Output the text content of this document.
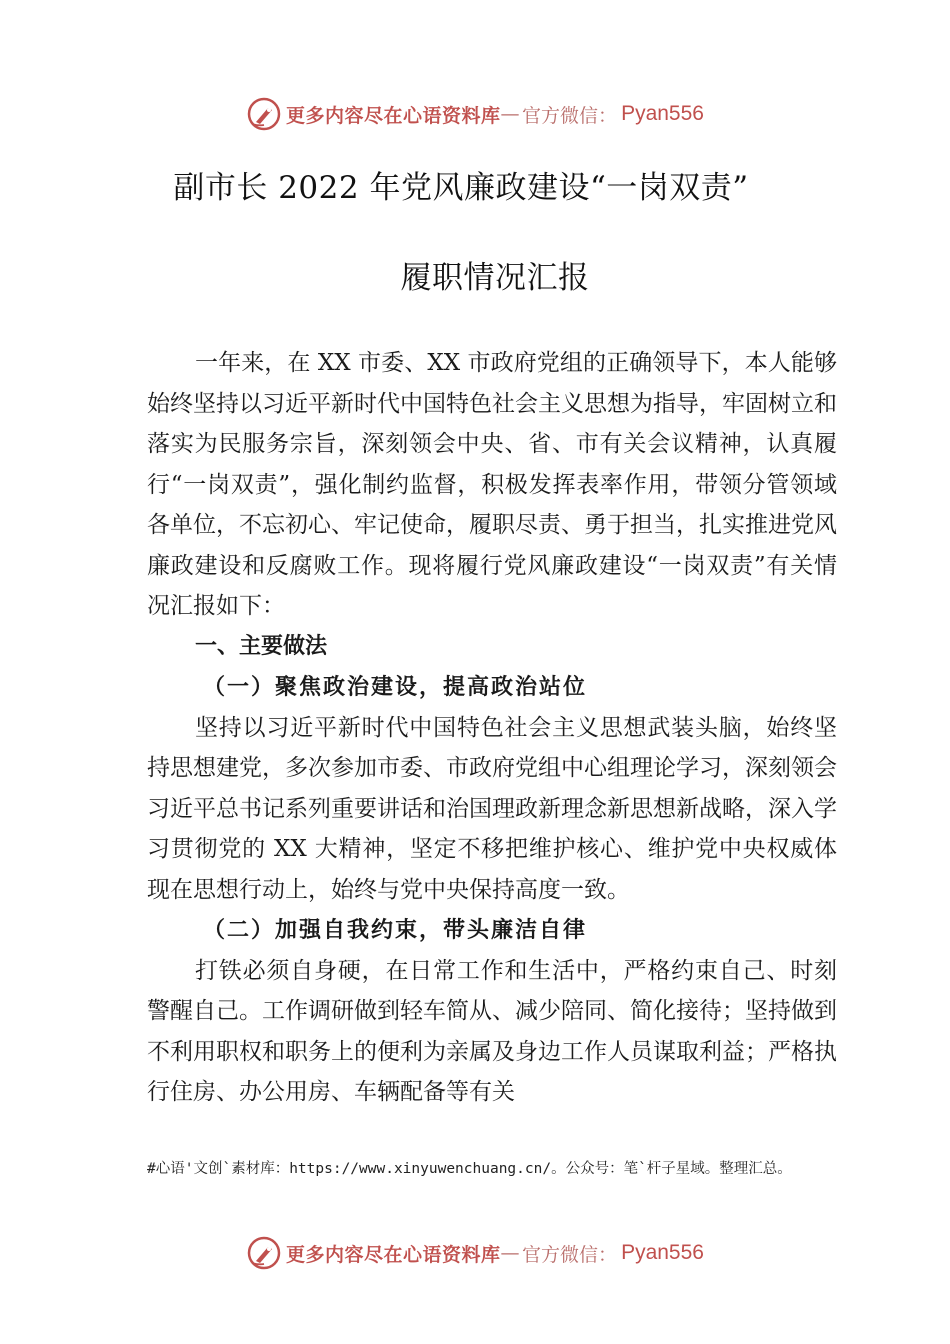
更多内容尽在心语资料库 — 官方微信： Pyan556
副市长 2022 年党风廉政建设“一岗双责”
履职情况汇报

一年来，在 XX 市委、XX 市政府党组的正确领导下，本人能够始终坚持以习近平新时代中国特色社会主义思想为指导，牢固树立和落实为民服务宗旨，深刻领会中央、省、市有关会议精神，认真履行“一岗双责”，强化制约监督，积极发挥表率作用，带领分管领域各单位，不忘初心、牢记使命，履职尽责、勇于担当，扎实推进党风廉政建设和反腐败工作。现将履行党风廉政建设“一岗双责”有关情况汇报如下：

一、主要做法

（一）聚焦政治建设，提高政治站位

坚持以习近平新时代中国特色社会主义思想武装头脑，始终坚持思想建党，多次参加市委、市政府党组中心组理论学习，深刻领会习近平总书记系列重要讲话和治国理政新理念新思想新战略，深入学习贯彻党的 XX 大精神，坚定不移把维护核心、维护党中央权威体现在思想行动上，始终与党中央保持高度一致。

（二）加强自我约束，带头廉洁自律

打铁必须自身硬，在日常工作和生活中，严格约束自己、时刻警醒自己。工作调研做到轻车简从、减少陪同、简化接待；坚持做到不利用职权和职务上的便利为亲属及身边工作人员谋取利益；严格执行住房、办公用房、车辆配备等有关

#心语'文创`素材库：https://www.xinyuwenchuang.cn/。公众号：笔`杆子星域。整理汇总。
更多内容尽在心语资料库 — 官方微信： Pyan556
